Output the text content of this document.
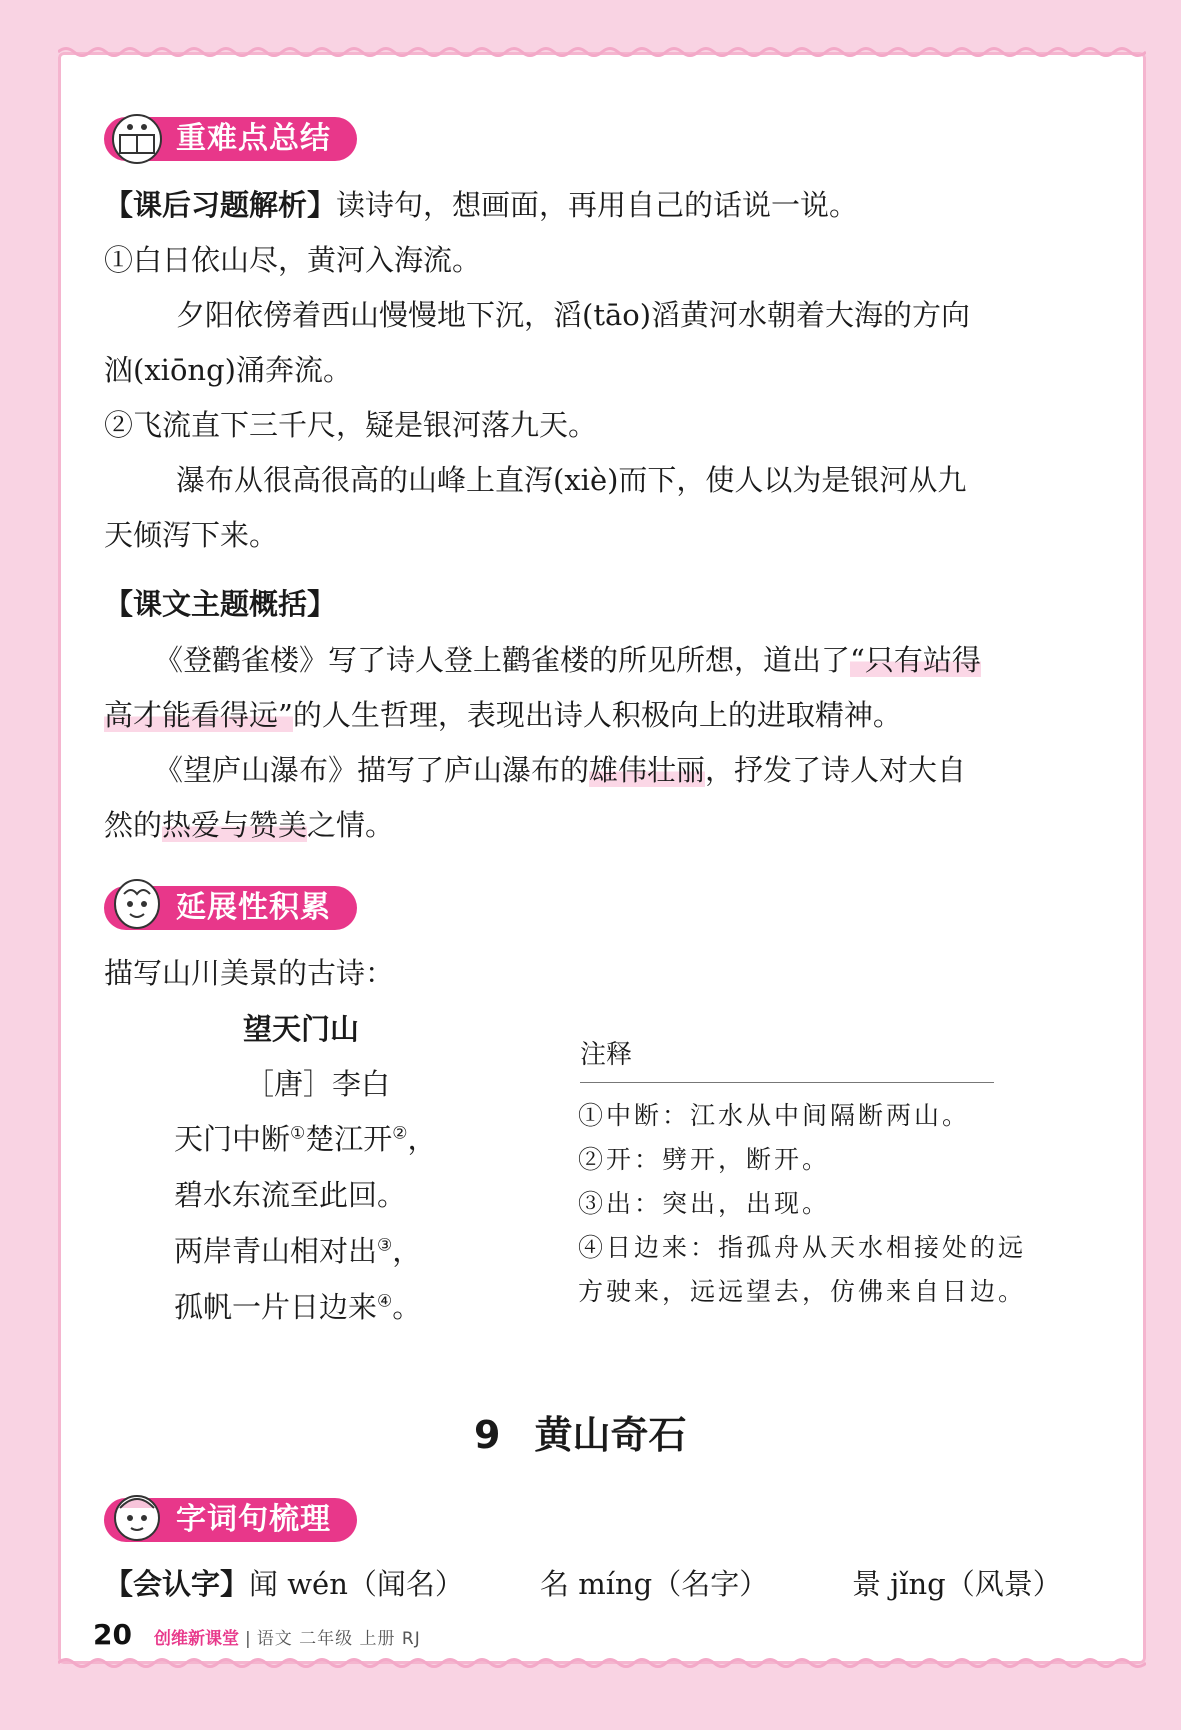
重难点总结
【课后习题解析】读诗句，想画面，再用自己的话说一说。
①白日依山尽，黄河入海流。
夕阳依傍着西山慢慢地下沉，滔(tāo)滔黄河水朝着大海的方向
汹(xiōng)涌奔流。
②飞流直下三千尺，疑是银河落九天。
瀑布从很高很高的山峰上直泻(xiè)而下，使人以为是银河从九
天倾泻下来。
【课文主题概括】
《登鹳雀楼》写了诗人登上鹳雀楼的所见所想，道出了“只有站得
高才能看得远”的人生哲理，表现出诗人积极向上的进取精神。
《望庐山瀑布》描写了庐山瀑布的雄伟壮丽，抒发了诗人对大自
然的热爱与赞美之情。
延展性积累
描写山川美景的古诗：
望天门山
［唐］李白
天门中断①楚江开②，
碧水东流至此回。
两岸青山相对出③，
孤帆一片日边来④。
注释
①中断：江水从中间隔断两山。
②开：劈开，断开。
③出：突出，出现。
④日边来：指孤舟从天水相接处的远
方驶来，远远望去，仿佛来自日边。
9 黄山奇石
字词句梳理
【会认字】闻 wén（闻名）	名 míng（名字）	景 jǐng（风景）
20 创维新课堂 | 语文 二年级 上册 RJ
